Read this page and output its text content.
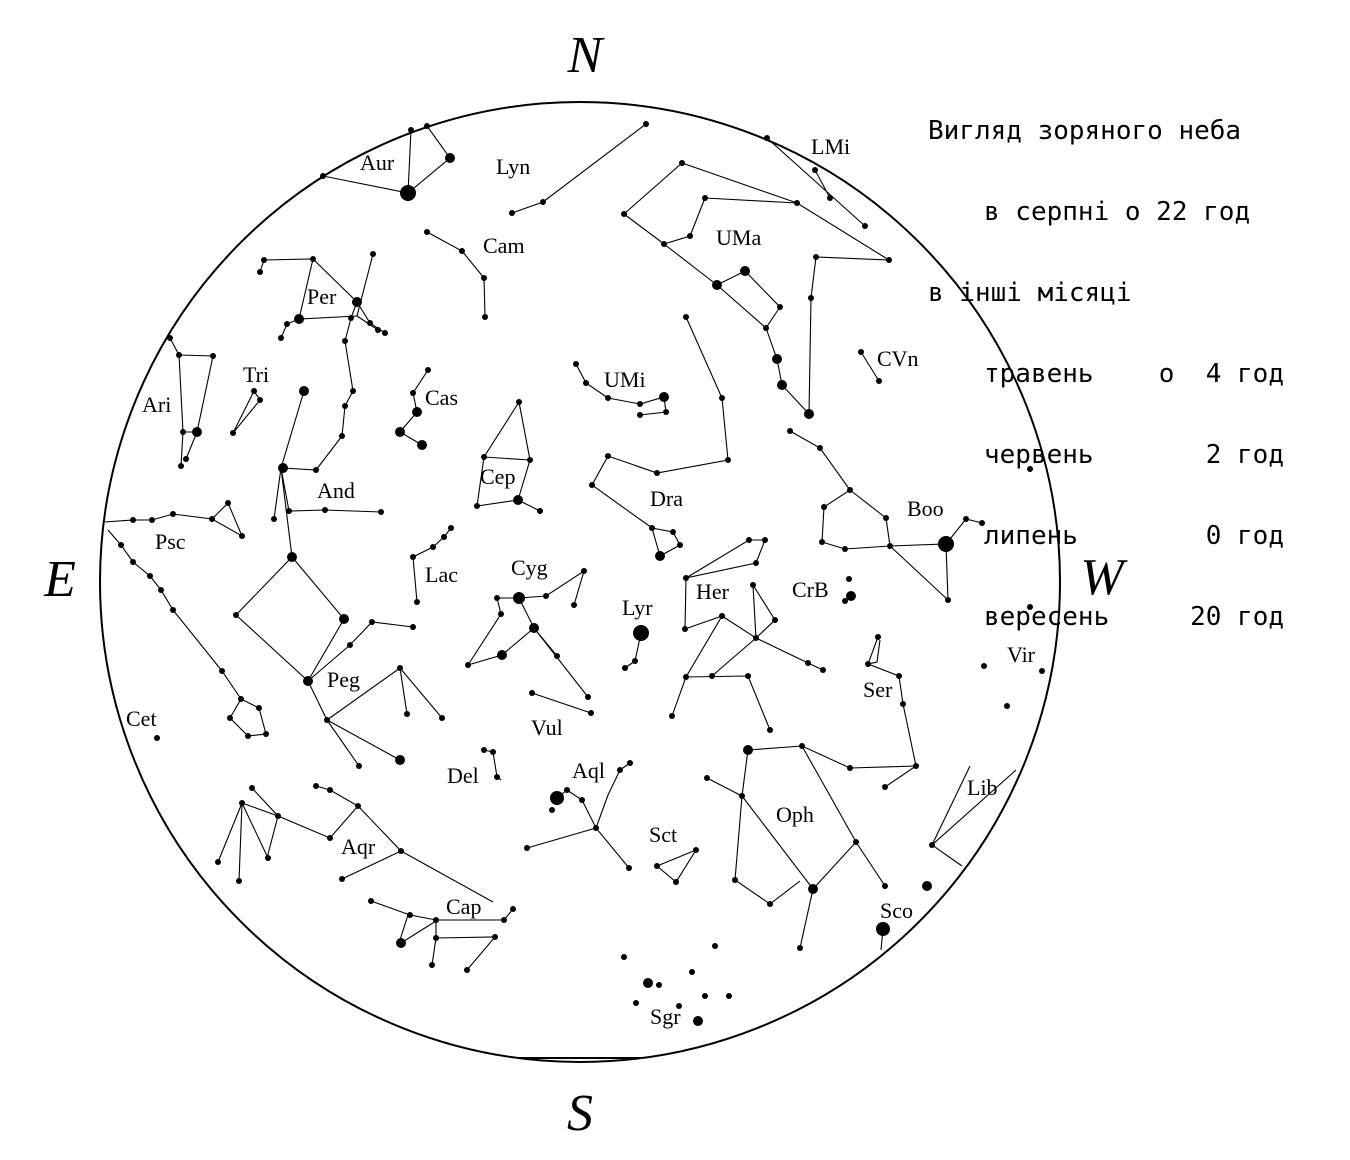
N
S
E	W
Aur	Lyn
LMi
Cam	UMa
Per
Tri
Ari	Cas
UMi
CVn
Cep
And	Dra	Boo
Psc
Lac Cyg
Lyr
Her	CrB
Vir
Peg	Ser
Cet	Vul
Del	Aql
Lib
Oph
Aqr	Sct
Cap	Sco
Sgr

Вигляд зоряного неба

в серпні о 22 год

в інші місяці

травень	о  4 год

червень	2 год

липень	0 год

вересень	20 год
